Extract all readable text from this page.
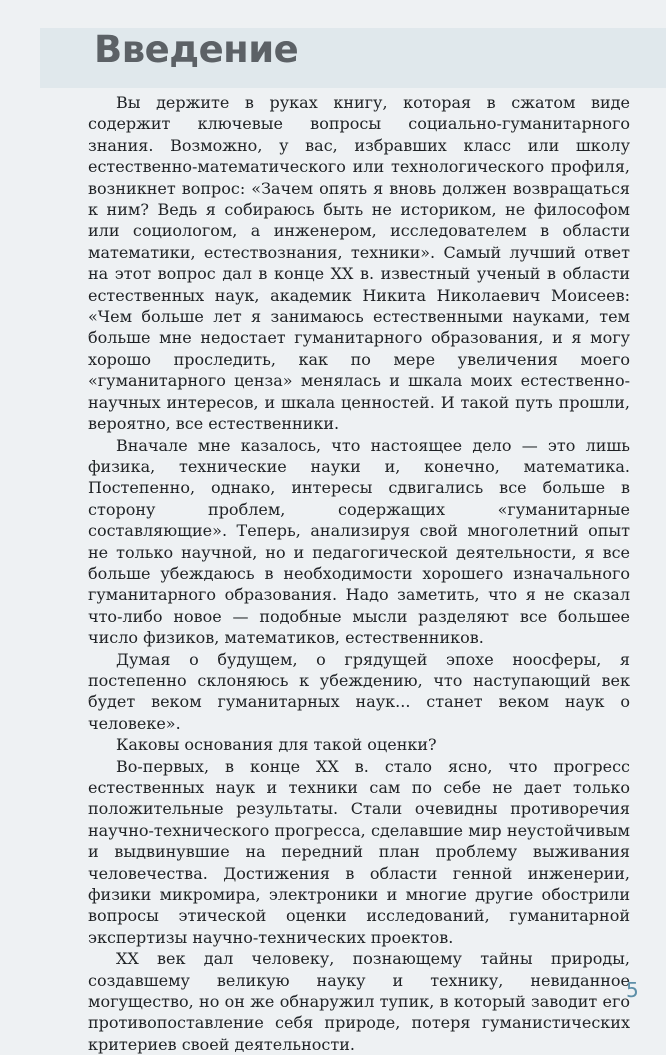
Введение

Вы держите в руках книгу, которая в сжатом виде содержит ключевые вопросы социально-гуманитарного знания. Возможно, у вас, избравших класс или школу естественно-математического или технологического профиля, возникнет вопрос: «Зачем опять я вновь должен возвращаться к ним? Ведь я собираюсь быть не историком, не философом или социологом, а инженером, исследователем в области математики, естествознания, техники». Самый лучший ответ на этот вопрос дал в конце XX в. известный ученый в области естественных наук, академик Никита Николаевич Моисеев: «Чем больше лет я занимаюсь естественными науками, тем больше мне недостает гуманитарного образования, и я могу хорошо проследить, как по мере увеличения моего «гуманитарного ценза» менялась и шкала моих естественно-научных интересов, и шкала ценностей. И такой путь прошли, вероятно, все естественники.

Вначале мне казалось, что настоящее дело — это лишь физика, технические науки и, конечно, математика. Постепенно, однако, интересы сдвигались все больше в сторону проблем, содержащих «гуманитарные составляющие». Теперь, анализируя свой многолетний опыт не только научной, но и педагогической деятельности, я все больше убеждаюсь в необходимости хорошего изначального гуманитарного образования. Надо заметить, что я не сказал что-либо новое — подобные мысли разделяют все большее число физиков, математиков, естественников.

Думая о будущем, о грядущей эпохе ноосферы, я постепенно склоняюсь к убеждению, что наступающий век будет веком гуманитарных наук... станет веком наук о человеке».

Каковы основания для такой оценки?

Во-первых, в конце XX в. стало ясно, что прогресс естественных наук и техники сам по себе не дает только положительные результаты. Стали очевидны противоречия научно-технического прогресса, сделавшие мир неустойчивым и выдвинувшие на передний план проблему выживания человечества. Достижения в области генной инженерии, физики микромира, электроники и многие другие обострили вопросы этической оценки исследований, гуманитарной экспертизы научно-технических проектов.

XX век дал человеку, познающему тайны природы, создавшему великую науку и технику, невиданное могущество, но он же обнаружил тупик, в который заводит его противопоставление себя природе, потеря гуманистических критериев своей деятельности.

5
